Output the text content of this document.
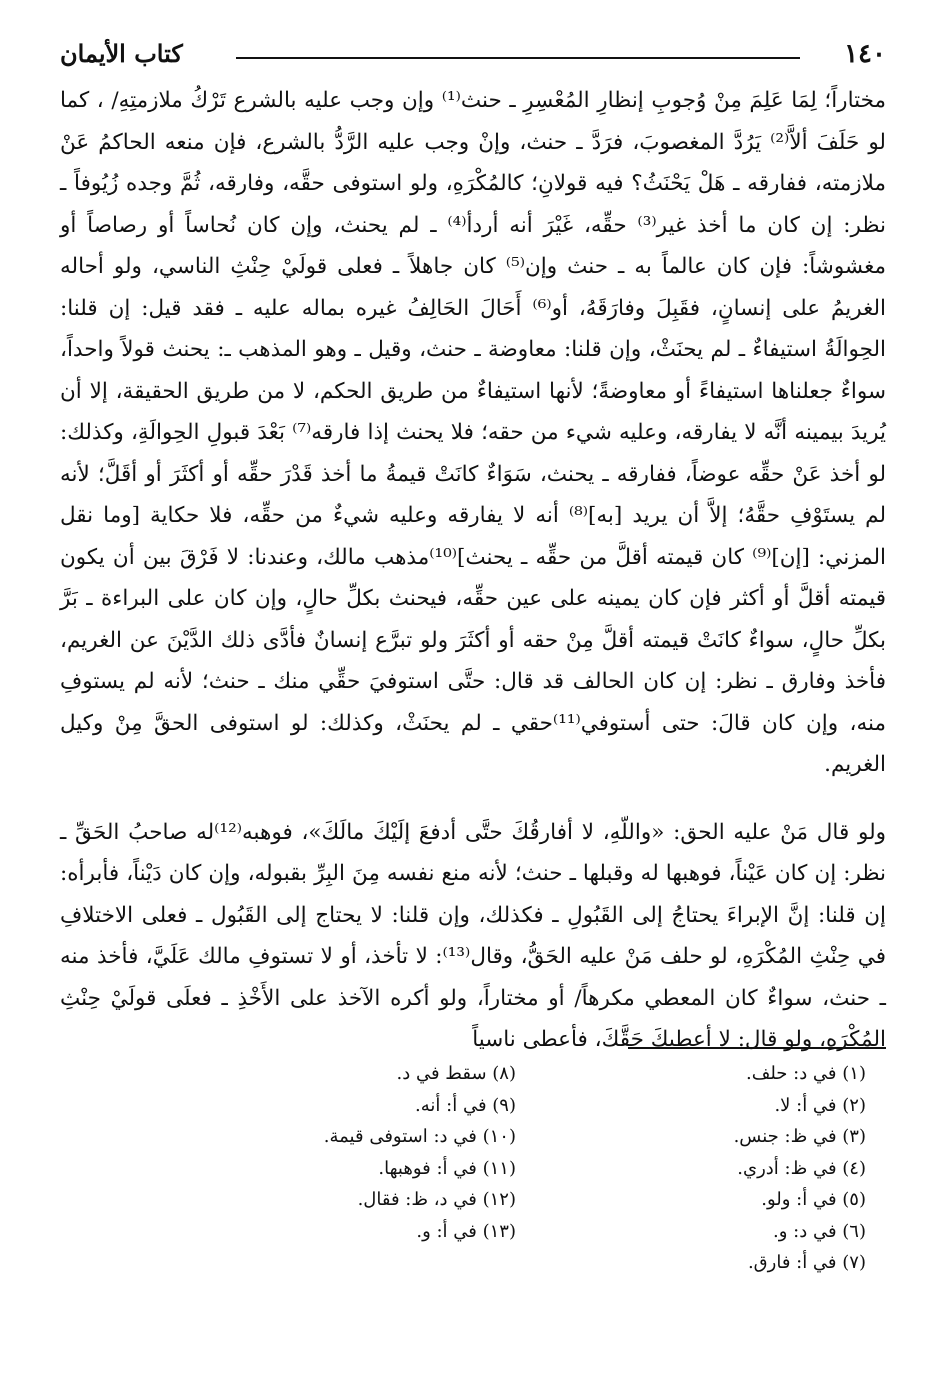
١٤٠
كتاب الأيمان

مختاراً؛ لِمَا عَلِمَ مِنْ وُجوبِ إنظارِ المُعْسِرِ ـ حنث⁽¹⁾ وإن وجب عليه بالشرع تَرْكُ ملازمتِهِ/ ، كما لو حَلَفَ ألاَّ⁽²⁾ يَرُدَّ المغصوبَ، فرَدَّ ـ حنث، وإنْ وجب عليه الرَّدُّ بالشرع، فإن منعه الحاكمُ عَنْ ملازمته، ففارقه ـ هَلْ يَحْنَثُ؟ فيه قولانِ؛ كالمُكْرَهِ، ولو استوفى حقَّه، وفارقه، ثُمَّ وجده زُيُوفاً ـ نظر: إن كان ما أخذ غير⁽³⁾ حقِّه، غَيْرَ أنه أردأ⁽⁴⁾ ـ لم يحنث، وإن كان نُحاساً أو رصاصاً أو مغشوشاً: فإن كان عالماً به ـ حنث وإن⁽⁵⁾ كان جاهلاً ـ فعلى قولَيْ حِنْثِ الناسي، ولو أحاله الغريمُ على إنسانٍ، فقَبِلَ وفارَقَهُ، أو⁽⁶⁾ أَحَالَ الحَالِفُ غيره بماله عليه ـ فقد قيل: إن قلنا: الحِوالَةُ استيفاءٌ ـ لم يحنَثْ، وإن قلنا: معاوضة ـ حنث، وقيل ـ وهو المذهب ـ: يحنث قولاً واحداً، سواءٌ جعلناها استيفاءً أو معاوضةً؛ لأنها استيفاءٌ من طريق الحكم، لا من طريق الحقيقة، إلا أن يُريدَ بيمينه أنَّه لا يفارقه، وعليه شيء من حقه؛ فلا يحنث إذا فارقه⁽⁷⁾ بَعْدَ قبولِ الحِوالَةِ، وكذلك: لو أخذ عَنْ حقِّه عوضاً، ففارقه ـ يحنث، سَوَاءٌ كانَتْ قيمةُ ما أخذ قَدْرَ حقِّه أو أكثَرَ أو أقَلَّ؛ لأنه لم يستَوْفِ حقَّهُ؛ إلاَّ أن يريد [به]⁽⁸⁾ أنه لا يفارقه وعليه شيءٌ من حقِّه، فلا حكاية [وما نقل المزني: [إن]⁽⁹⁾ كان قيمته أقلَّ من حقِّه ـ يحنث]⁽¹⁰⁾مذهب مالك، وعندنا: لا فَرْقَ بين أن يكون قيمته أقلَّ أو أكثر فإن كان يمينه على عين حقِّه، فيحنث بكلِّ حالٍ، وإن كان على البراءة ـ بَرَّ بكلِّ حالٍ، سواءٌ كانَتْ قيمته أقلَّ مِنْ حقه أو أكثَرَ ولو تبرَّع إنسانٌ فأدَّى ذلك الدَّيْنَ عن الغريم، فأخذ وفارق ـ نظر: إن كان الحالف قد قال: حتَّى استوفيَ حقِّي منك ـ حنث؛ لأنه لم يستوفِ منه، وإن كان قالَ: حتى أستوفي⁽¹¹⁾حقي ـ لم يحنَثْ، وكذلك: لو استوفى الحقَّ مِنْ وكيل الغريم.

ولو قال مَنْ عليه الحق: «واللّهِ، لا أفارقُكَ حتَّى أدفعَ إلَيْكَ مالَكَ»، فوهبه⁽¹²⁾له صاحبُ الحَقِّ ـ نظر: إن كان عَيْناً، فوهبها له وقبلها ـ حنث؛ لأنه منع نفسه مِنَ البِرِّ بقبوله، وإن كان دَيْناً، فأبرأه: إن قلنا: إنَّ الإبراءَ يحتاجُ إلى القَبُولِ ـ فكذلك، وإن قلنا: لا يحتاج إلى القَبُول ـ فعلى الاختلافِ في حِنْثِ المُكْرَهِ، لو حلف مَنْ عليه الحَقُّ، وقال⁽¹³⁾: لا تأخذ، أو لا تستوفِ مالك عَلَيَّ، فأخذ منه ـ حنث، سواءٌ كان المعطي مكرهاً/ أو مختاراً، ولو أكره الآخذ على الأَخْذِ ـ فعلَى قولَيْ حِنْثِ المُكْرَهِ، ولو قال: لا أعطيكَ حَقَّكَ، فأعطى ناسياً

(١) في د: حلف.
(٢) في أ: لا.
(٣) في ظ: جنس.
(٤) في ظ: أدري.
(٥) في أ: ولو.
(٦) في د: و.
(٧) في أ: فارق.
(٨) سقط في د.
(٩) في أ: أنه.
(١٠) في د: استوفى قيمة.
(١١) في أ: فوهبها.
(١٢) في د، ظ: فقال.
(١٣) في أ: و.
